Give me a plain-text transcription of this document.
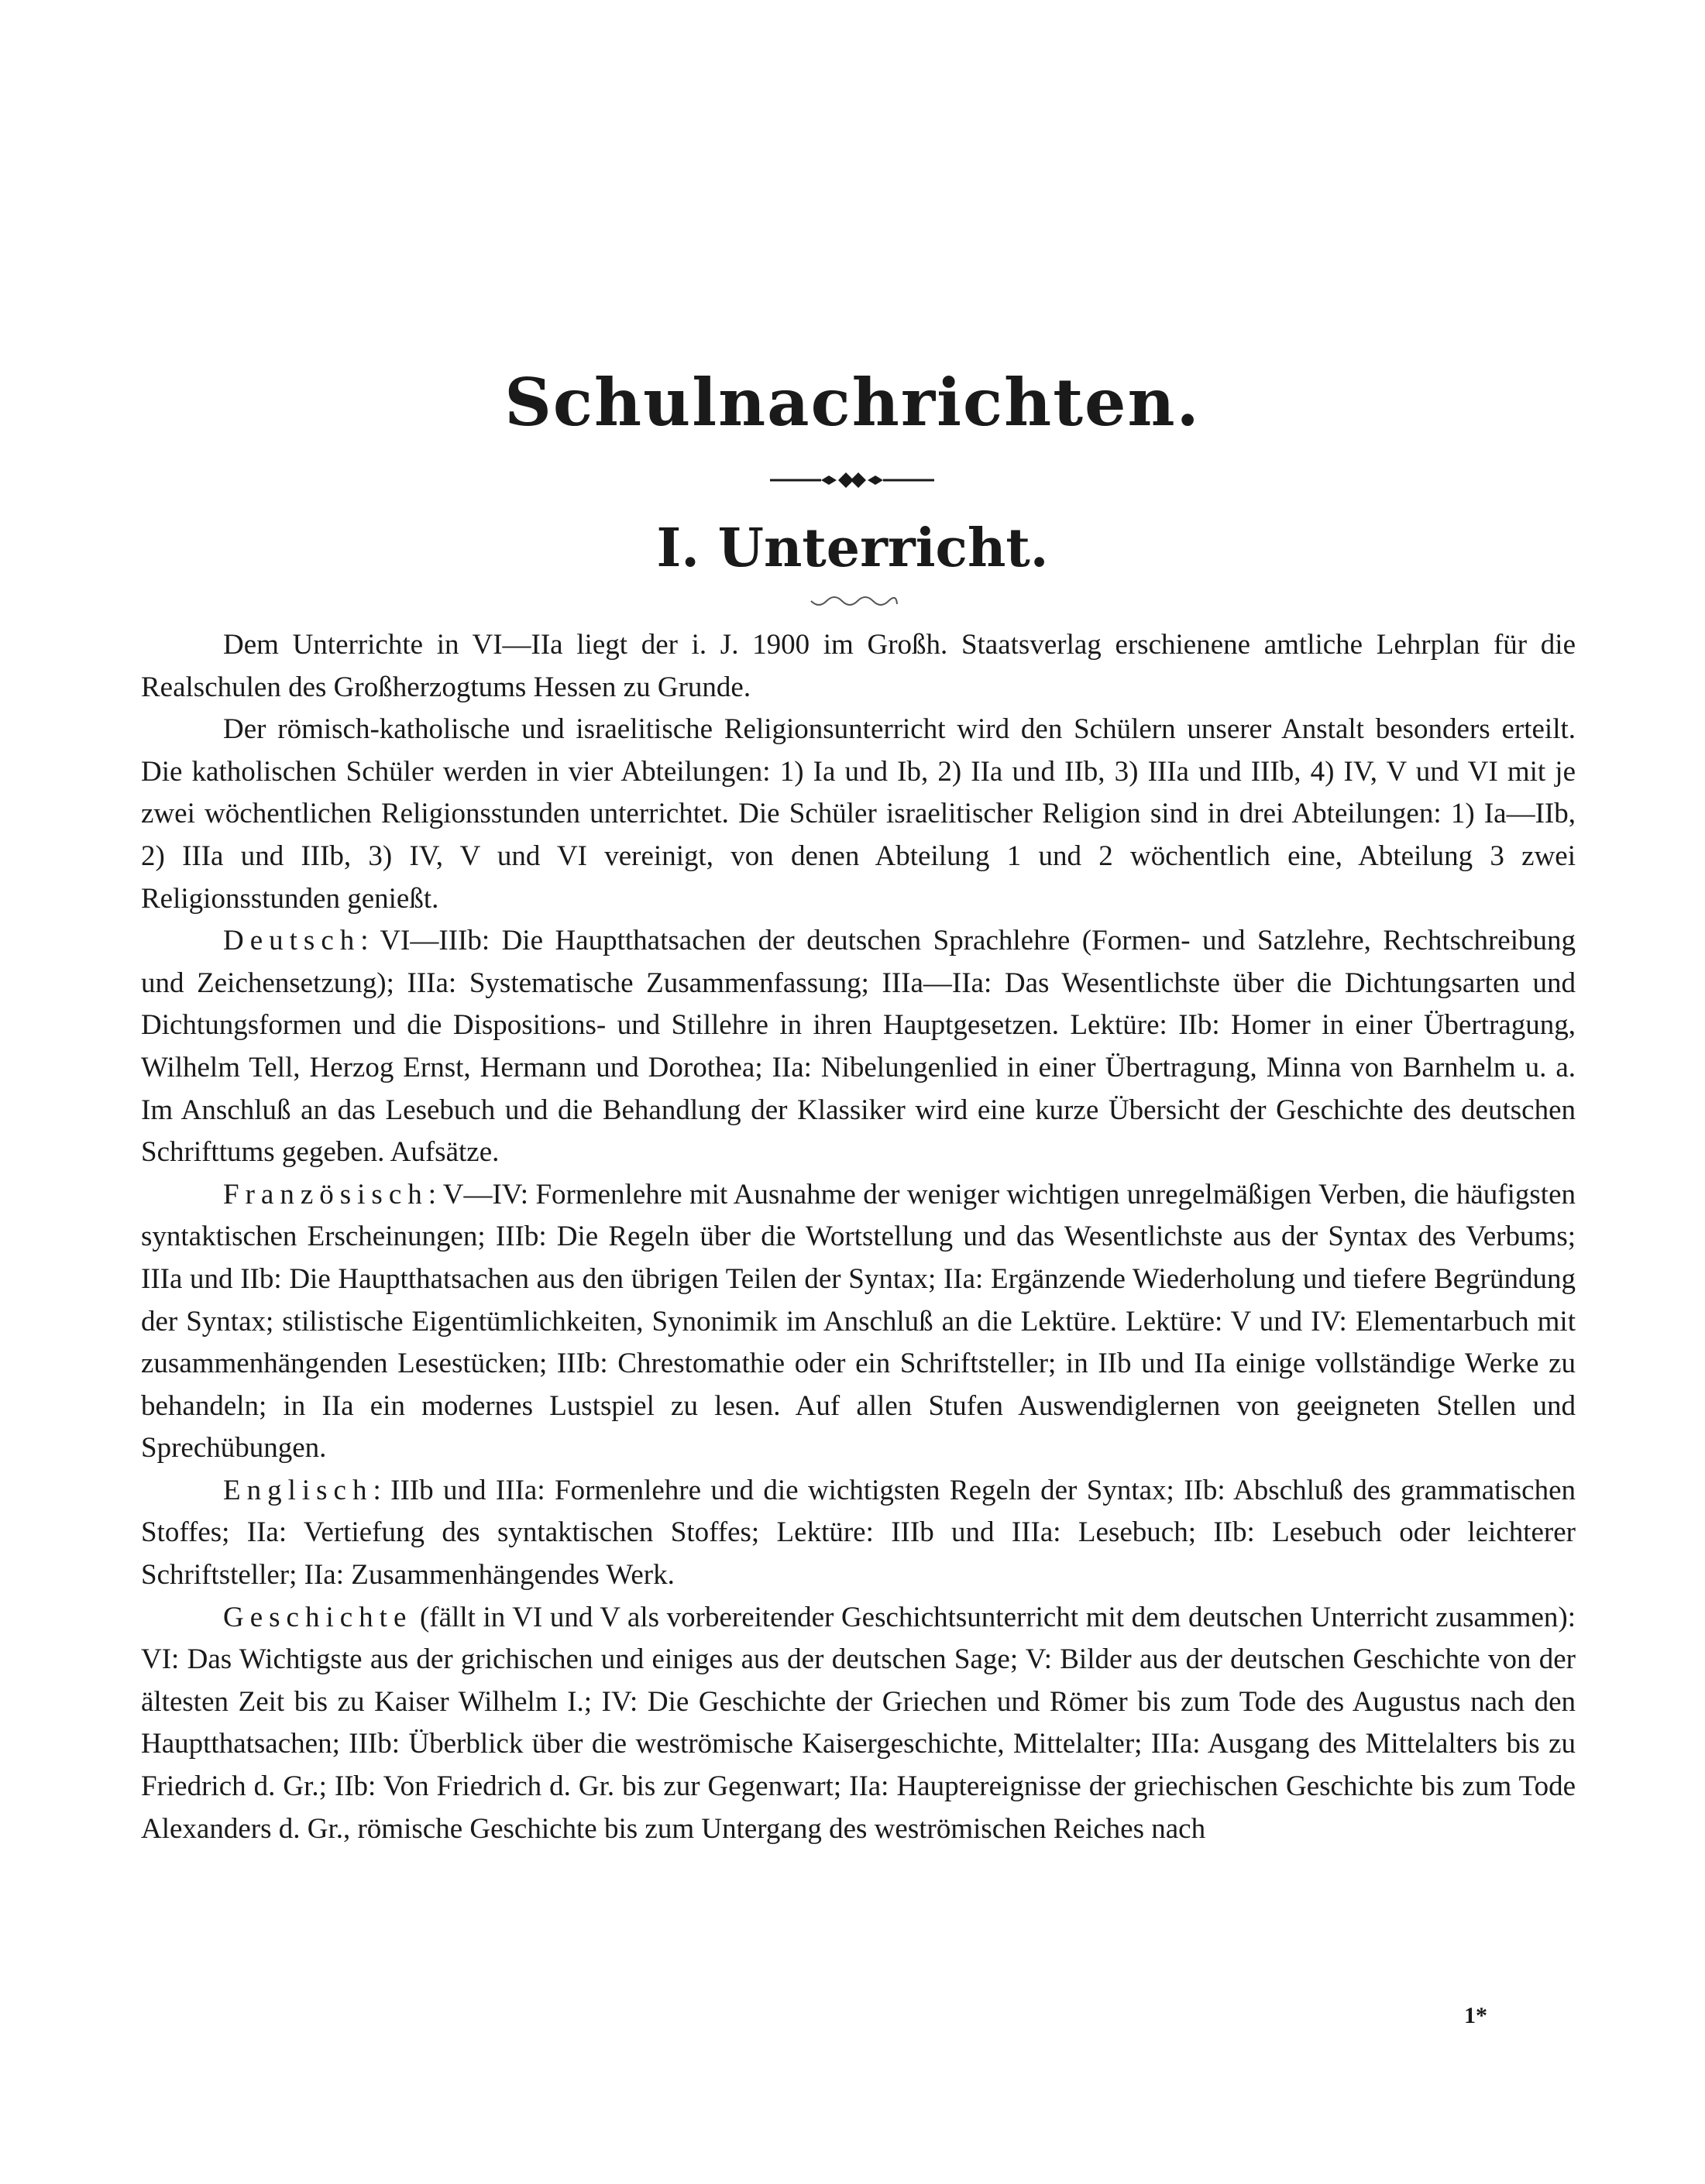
Schulnachrichten.
I. Unterricht.

Dem Unterrichte in VI—IIa liegt der i. J. 1900 im Großh. Staatsverlag erschienene amtliche Lehrplan für die Realschulen des Großherzogtums Hessen zu Grunde.

Der römisch-katholische und israelitische Religionsunterricht wird den Schülern unserer Anstalt besonders erteilt. Die katholischen Schüler werden in vier Abteilungen: 1) Ia und Ib, 2) IIa und IIb, 3) IIIa und IIIb, 4) IV, V und VI mit je zwei wöchentlichen Religionsstunden unterrichtet. Die Schüler israelitischer Religion sind in drei Abteilungen: 1) Ia—IIb, 2) IIIa und IIIb, 3) IV, V und VI vereinigt, von denen Abteilung 1 und 2 wöchentlich eine, Abteilung 3 zwei Religionsstunden genießt.

Deutsch: VI—IIIb: Die Hauptthatsachen der deutschen Sprachlehre (Formen- und Satzlehre, Rechtschreibung und Zeichensetzung); IIIa: Systematische Zusammenfassung; IIIa—IIa: Das Wesentlichste über die Dichtungsarten und Dichtungsformen und die Dispositions- und Stillehre in ihren Hauptgesetzen. Lektüre: IIb: Homer in einer Übertragung, Wilhelm Tell, Herzog Ernst, Hermann und Dorothea; IIa: Nibelungenlied in einer Übertragung, Minna von Barnhelm u. a. Im Anschluß an das Lesebuch und die Behandlung der Klassiker wird eine kurze Übersicht der Geschichte des deutschen Schrifttums gegeben. Aufsätze.

Französisch: V—IV: Formenlehre mit Ausnahme der weniger wichtigen unregelmäßigen Verben, die häufigsten syntaktischen Erscheinungen; IIIb: Die Regeln über die Wortstellung und das Wesentlichste aus der Syntax des Verbums; IIIa und IIb: Die Hauptthatsachen aus den übrigen Teilen der Syntax; IIa: Ergänzende Wiederholung und tiefere Begründung der Syntax; stilistische Eigentümlichkeiten, Synonimik im Anschluß an die Lektüre. Lektüre: V und IV: Elementarbuch mit zusammenhängenden Lesestücken; IIIb: Chrestomathie oder ein Schriftsteller; in IIb und IIa einige vollständige Werke zu behandeln; in IIa ein modernes Lustspiel zu lesen. Auf allen Stufen Auswendiglernen von geeigneten Stellen und Sprechübungen.

Englisch: IIIb und IIIa: Formenlehre und die wichtigsten Regeln der Syntax; IIb: Abschluß des grammatischen Stoffes; IIa: Vertiefung des syntaktischen Stoffes; Lektüre: IIIb und IIIa: Lesebuch; IIb: Lesebuch oder leichterer Schriftsteller; IIa: Zusammenhängendes Werk.

Geschichte (fällt in VI und V als vorbereitender Geschichtsunterricht mit dem deutschen Unterricht zusammen): VI: Das Wichtigste aus der grichischen und einiges aus der deutschen Sage; V: Bilder aus der deutschen Geschichte von der ältesten Zeit bis zu Kaiser Wilhelm I.; IV: Die Geschichte der Griechen und Römer bis zum Tode des Augustus nach den Hauptthatsachen; IIIb: Überblick über die weströmische Kaisergeschichte, Mittelalter; IIIa: Ausgang des Mittelalters bis zu Friedrich d. Gr.; IIb: Von Friedrich d. Gr. bis zur Gegenwart; IIa: Hauptereignisse der griechischen Geschichte bis zum Tode Alexanders d. Gr., römische Geschichte bis zum Untergang des weströmischen Reiches nach

1*
